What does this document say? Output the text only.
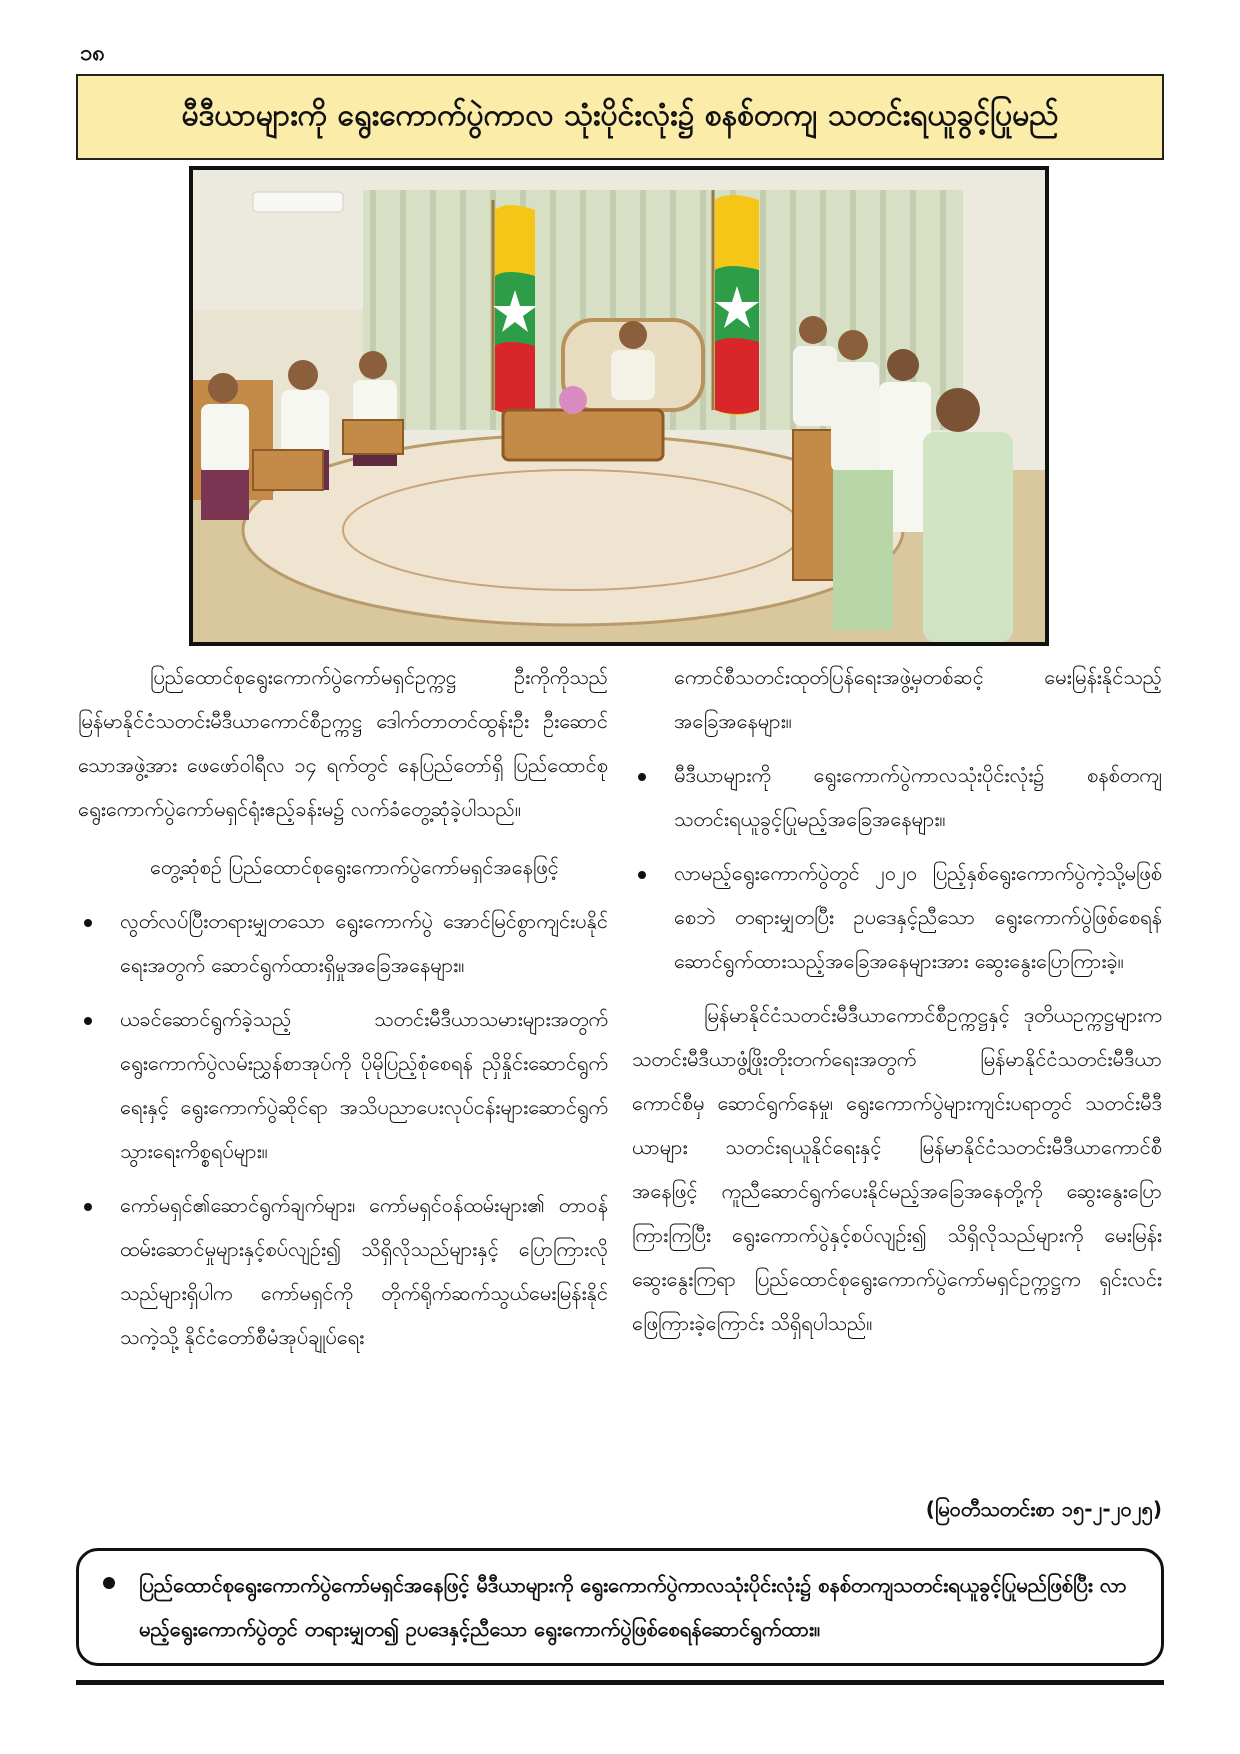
၁၈
မီဒီယာများကို ရွေးကောက်ပွဲကာလ သုံးပိုင်းလုံး၌ စနစ်တကျ သတင်းရယူခွင့်ပြုမည်

ပြည်ထောင်စုရွေးကောက်ပွဲကော်မရှင်ဥက္ကဋ္ဌ ဦးကိုကိုသည် မြန်မာနိုင်ငံသတင်းမီဒီယာကောင်စီဥက္ကဋ္ဌ ဒေါက်တာတင်ထွန်းဦး ဦးဆောင်သောအဖွဲ့အား ဖေဖော်ဝါရီလ ၁၄ ရက်တွင် နေပြည်တော်ရှိ ပြည်ထောင်စုရွေးကောက်ပွဲကော်မရှင်ရုံးဧည့်ခန်းမ၌ လက်ခံတွေ့ဆုံခဲ့ပါသည်။

တွေ့ဆုံစဉ် ပြည်ထောင်စုရွေးကောက်ပွဲကော်မရှင်အနေဖြင့်

လွတ်လပ်ပြီးတရားမျှတသော ရွေးကောက်ပွဲ အောင်မြင်စွာကျင်းပနိုင်ရေးအတွက် ဆောင်ရွက်ထားရှိမှုအခြေအနေများ။
ယခင်ဆောင်ရွက်ခဲ့သည့် သတင်းမီဒီယာသမားများအတွက် ရွေးကောက်ပွဲလမ်းညွှန်စာအုပ်ကို ပိုမိုပြည့်စုံစေရန် ညှိနှိုင်းဆောင်ရွက်ရေးနှင့် ရွေးကောက်ပွဲဆိုင်ရာ အသိပညာပေးလုပ်ငန်းများဆောင်ရွက်သွားရေးကိစ္စရပ်များ။
ကော်မရှင်၏ဆောင်ရွက်ချက်များ၊ ကော်မရှင်ဝန်ထမ်းများ၏ တာဝန်ထမ်းဆောင်မှုများနှင့်စပ်လျဉ်း၍ သိရှိလိုသည်များနှင့် ပြောကြားလိုသည်များရှိပါက ကော်မရှင်ကို တိုက်ရိုက်ဆက်သွယ်မေးမြန်းနိုင်သကဲ့သို့ နိုင်ငံတော်စီမံအုပ်ချုပ်ရေး

ကောင်စီသတင်းထုတ်ပြန်ရေးအဖွဲ့မှတစ်ဆင့် မေးမြန်းနိုင်သည့်အခြေအနေများ။

မီဒီယာများကို ရွေးကောက်ပွဲကာလသုံးပိုင်းလုံး၌ စနစ်တကျ သတင်းရယူခွင့်ပြုမည့်အခြေအနေများ။
လာမည့်ရွေးကောက်ပွဲတွင် ၂၀၂၀ ပြည့်နှစ်ရွေးကောက်ပွဲကဲ့သို့မဖြစ်စေဘဲ တရားမျှတပြီး ဥပဒေနှင့်ညီသော ရွေးကောက်ပွဲဖြစ်စေရန် ဆောင်ရွက်ထားသည့်အခြေအနေများအား ဆွေးနွေးပြောကြားခဲ့။

မြန်မာနိုင်ငံသတင်းမီဒီယာကောင်စီဥက္ကဋ္ဌနှင့် ဒုတိယဥက္ကဋ္ဌများက သတင်းမီဒီယာဖွံ့ဖြိုးတိုးတက်ရေးအတွက် မြန်မာနိုင်ငံသတင်းမီဒီယာကောင်စီမှ ဆောင်ရွက်နေမှု၊ ရွေးကောက်ပွဲများကျင်းပရာတွင် သတင်းမီဒီယာများ သတင်းရယူနိုင်ရေးနှင့် မြန်မာနိုင်ငံသတင်းမီဒီယာကောင်စီအနေဖြင့် ကူညီဆောင်ရွက်ပေးနိုင်မည့်အခြေအနေတို့ကို ဆွေးနွေးပြောကြားကြပြီး ရွေးကောက်ပွဲနှင့်စပ်လျဉ်း၍ သိရှိလိုသည်များကို မေးမြန်းဆွေးနွေးကြရာ ပြည်ထောင်စုရွေးကောက်ပွဲကော်မရှင်ဥက္ကဋ္ဌက ရှင်းလင်းဖြေကြားခဲ့ကြောင်း သိရှိရပါသည်။

(မြဝတီသတင်းစာ ၁၅-၂-၂၀၂၅)
ပြည်ထောင်စုရွေးကောက်ပွဲကော်မရှင်အနေဖြင့် မီဒီယာများကို ရွေးကောက်ပွဲကာလသုံးပိုင်းလုံး၌ စနစ်တကျသတင်းရယူခွင့်ပြုမည်ဖြစ်ပြီး လာမည့်ရွေးကောက်ပွဲတွင် တရားမျှတ၍ ဥပဒေနှင့်ညီသော ရွေးကောက်ပွဲဖြစ်စေရန်ဆောင်ရွက်ထား။
